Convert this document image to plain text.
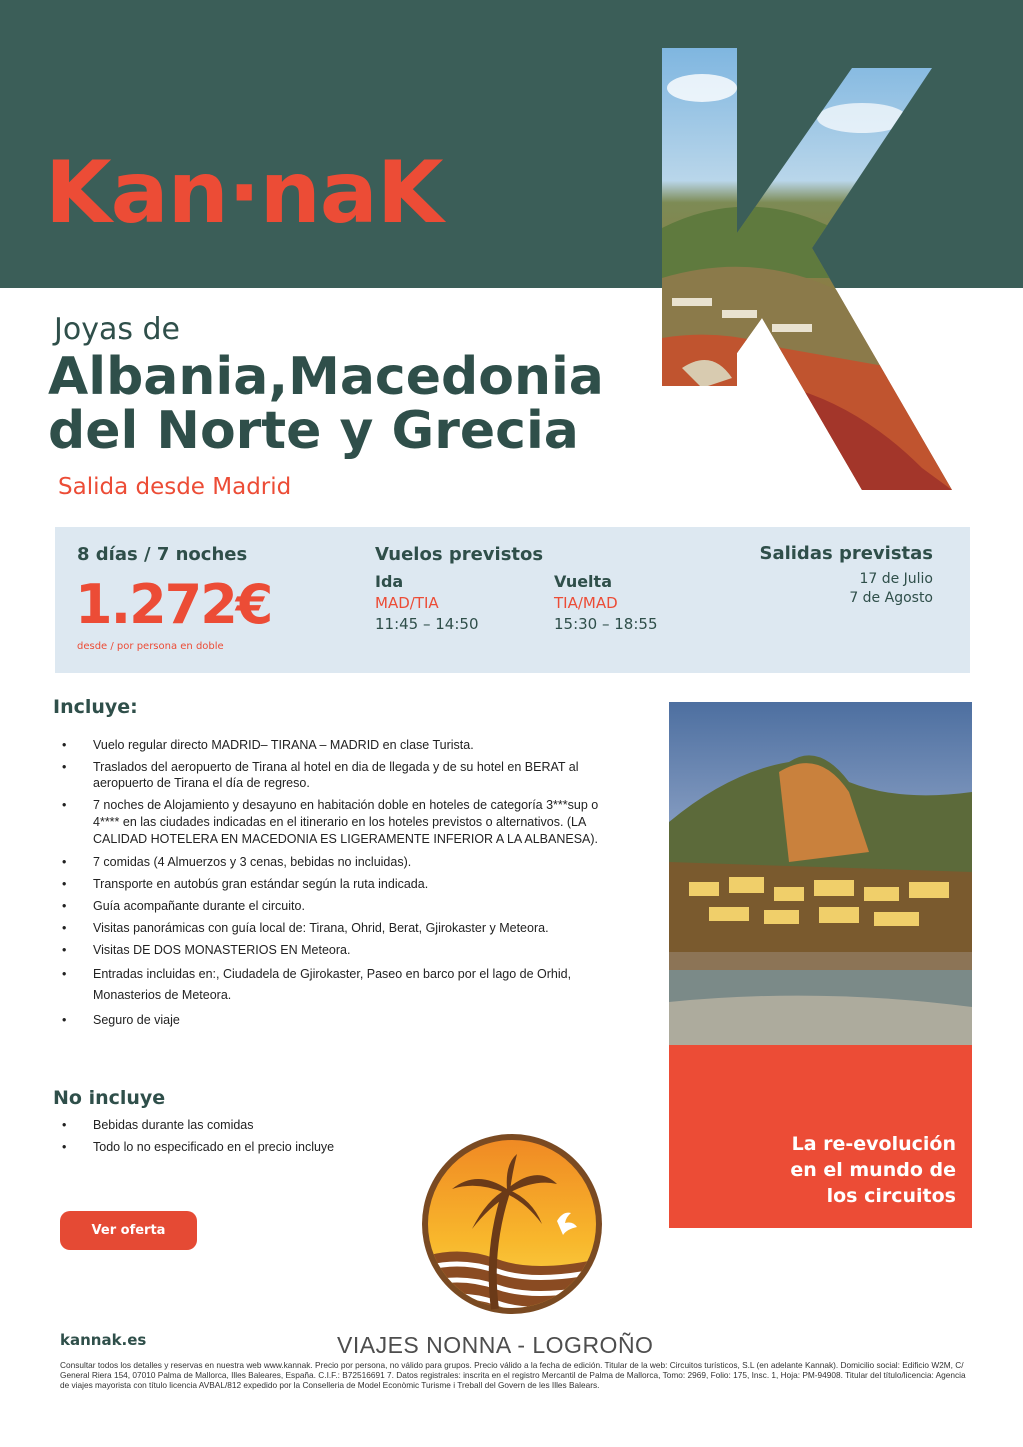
Kan·naK
Joyas de
Albania,Macedonia
del Norte y Grecia
Salida desde Madrid
8 días / 7 noches
1.272€
desde / por persona en doble
Vuelos previstos
Ida
MAD/TIA
11:45 – 14:50
Vuelta
TIA/MAD
15:30 – 18:55
Salidas previstas
17 de Julio
7 de Agosto
Incluye:
• Vuelo regular directo MADRID– TIRANA – MADRID en clase Turista.
• Traslados del aeropuerto de Tirana al hotel en dia de llegada y de su hotel en BERAT al aeropuerto de Tirana el día de regreso.
• 7 noches de Alojamiento y desayuno en habitación doble en hoteles de categoría 3***sup o 4**** en las ciudades indicadas en el itinerario en los hoteles previstos o alternativos. (LA CALIDAD HOTELERA EN MACEDONIA ES LIGERAMENTE INFERIOR A LA ALBANESA).
• 7 comidas (4 Almuerzos y 3 cenas, bebidas no incluidas).
• Transporte en autobús gran estándar según la ruta indicada.
• Guía acompañante durante el circuito.
• Visitas panorámicas con guía local de: Tirana, Ohrid, Berat, Gjirokaster y Meteora.
• Visitas DE DOS MONASTERIOS EN Meteora.
• Entradas incluidas en:, Ciudadela de Gjirokaster, Paseo en barco por el lago de Orhid, Monasterios de Meteora.
• Seguro de viaje
No incluye
• Bebidas durante las comidas
• Todo lo no especificado en el precio incluye	La re-evolución
en el mundo de
los circuitos
Ver oferta
VIAJES NONNA - LOGROÑO
kannak.es
Consultar todos los detalles y reservas en nuestra web www.kannak. Precio por persona, no válido para grupos. Precio válido a la fecha de edición. Titular de la web: Circuitos turísticos, S.L (en adelante Kannak). Domicilio social: Edificio W2M, C/ General Riera 154, 07010 Palma de Mallorca, Illes Baleares, España. C.I.F.: B72516691 7. Datos registrales: inscrita en el registro Mercantil de Palma de Mallorca, Tomo: 2969, Folio: 175, Insc. 1, Hoja: PM-94908. Titular del título/licencia: Agencia de viajes mayorista con título licencia AVBAL/812 expedido por la Conselleria de Model Econòmic Turisme i Treball del Govern de les Illes Balears.
